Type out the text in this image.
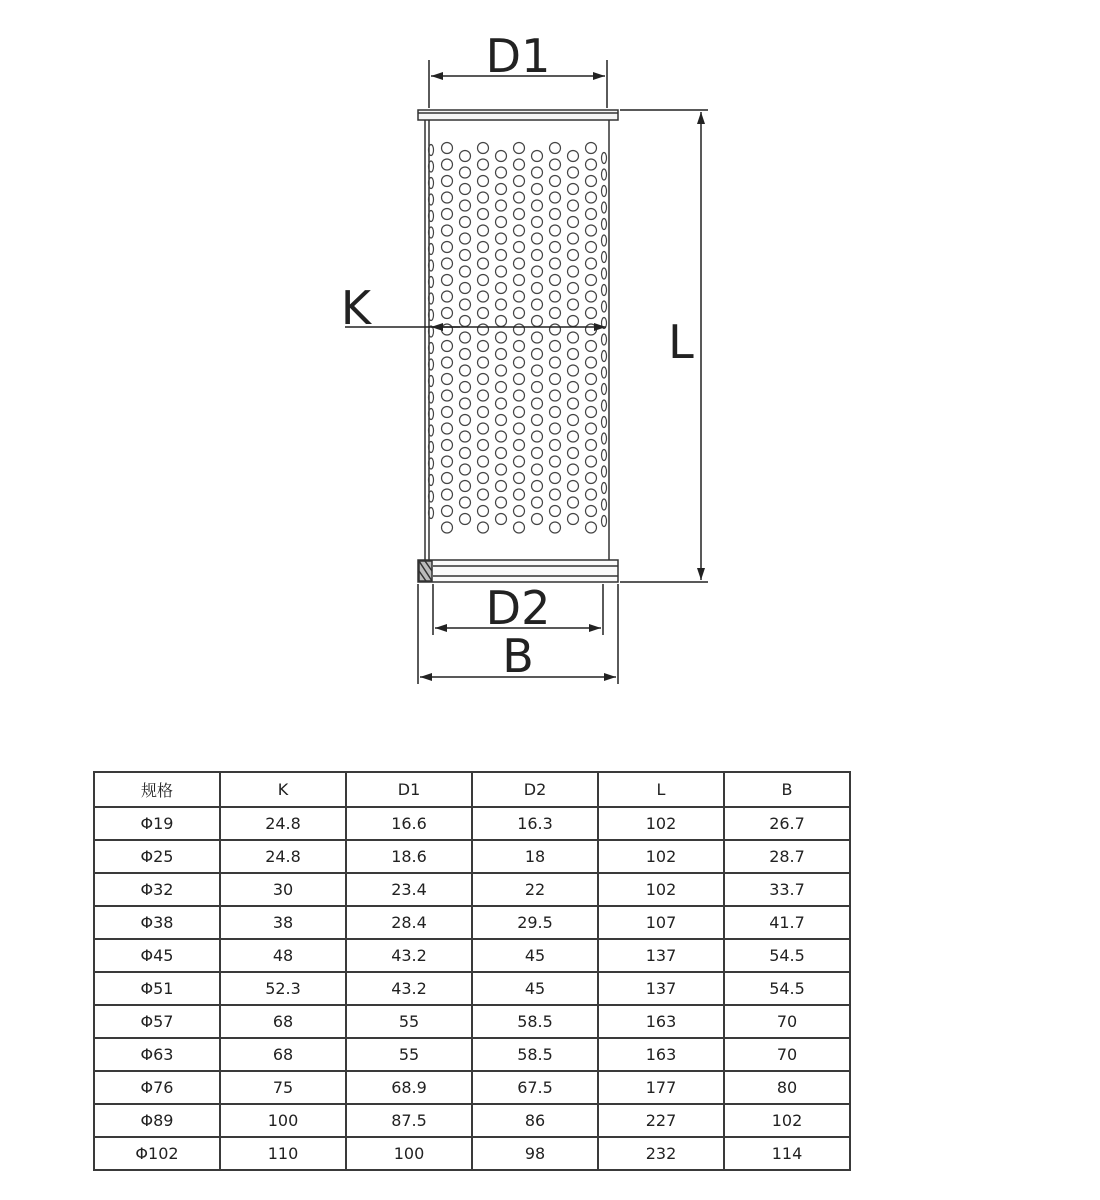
D1
K
L
D2
B
规格	K	D1	D2	L	B
Φ19	24.8	16.6	16.3	102	26.7
Φ25	24.8	18.6	18	102	28.7
Φ32	30	23.4	22	102	33.7
Φ38	38	28.4	29.5	107	41.7
Φ45	48	43.2	45	137	54.5
Φ51	52.3	43.2	45	137	54.5
Φ57	68	55	58.5	163	70
Φ63	68	55	58.5	163	70
Φ76	75	68.9	67.5	177	80
Φ89	100	87.5	86	227	102
Φ102	110	100	98	232	114
